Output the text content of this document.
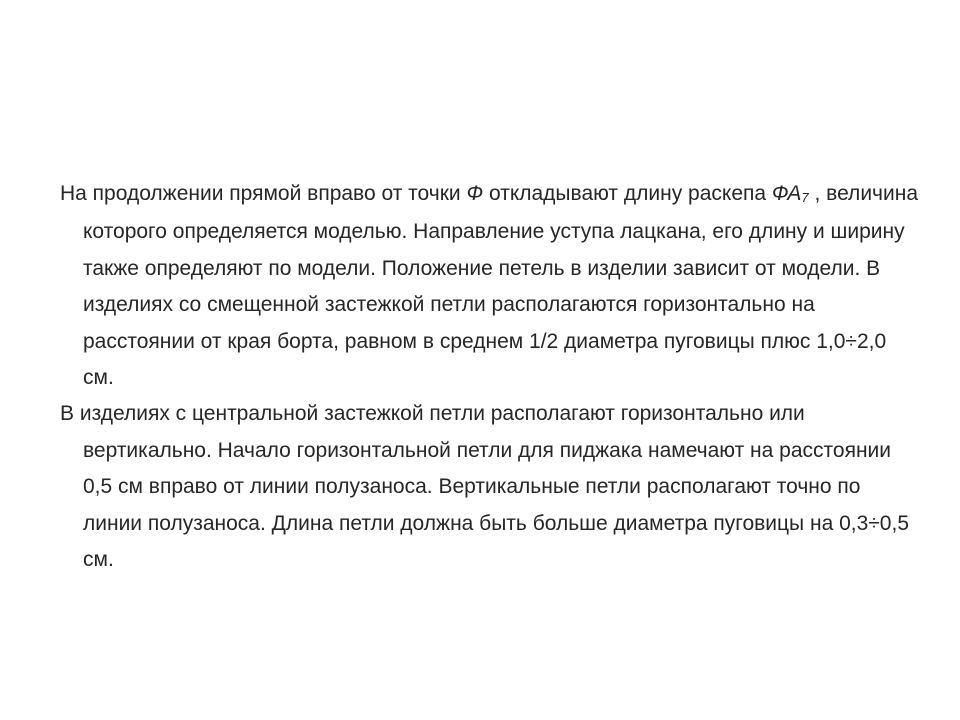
На продолжении прямой вправо от точки Ф откладывают длину раскепа ФА7 , величина которого определяется моделью. Направление уступа лацкана, его длину и ширину также определяют по модели. Положение петель в изделии зависит от модели. В изделиях со смещенной застежкой петли располагаются горизонтально на расстоянии от края борта, равном в среднем 1/2 диаметра пуговицы плюс 1,0÷2,0 см.

В изделиях с центральной застежкой петли располагают горизонтально или вертикально. Начало горизонтальной петли для пиджака намечают на расстоянии 0,5 см вправо от линии полузаноса. Вертикальные петли располагают точно по линии полузаноса. Длина петли должна быть больше диаметра пуговицы на 0,3÷0,5 см.
